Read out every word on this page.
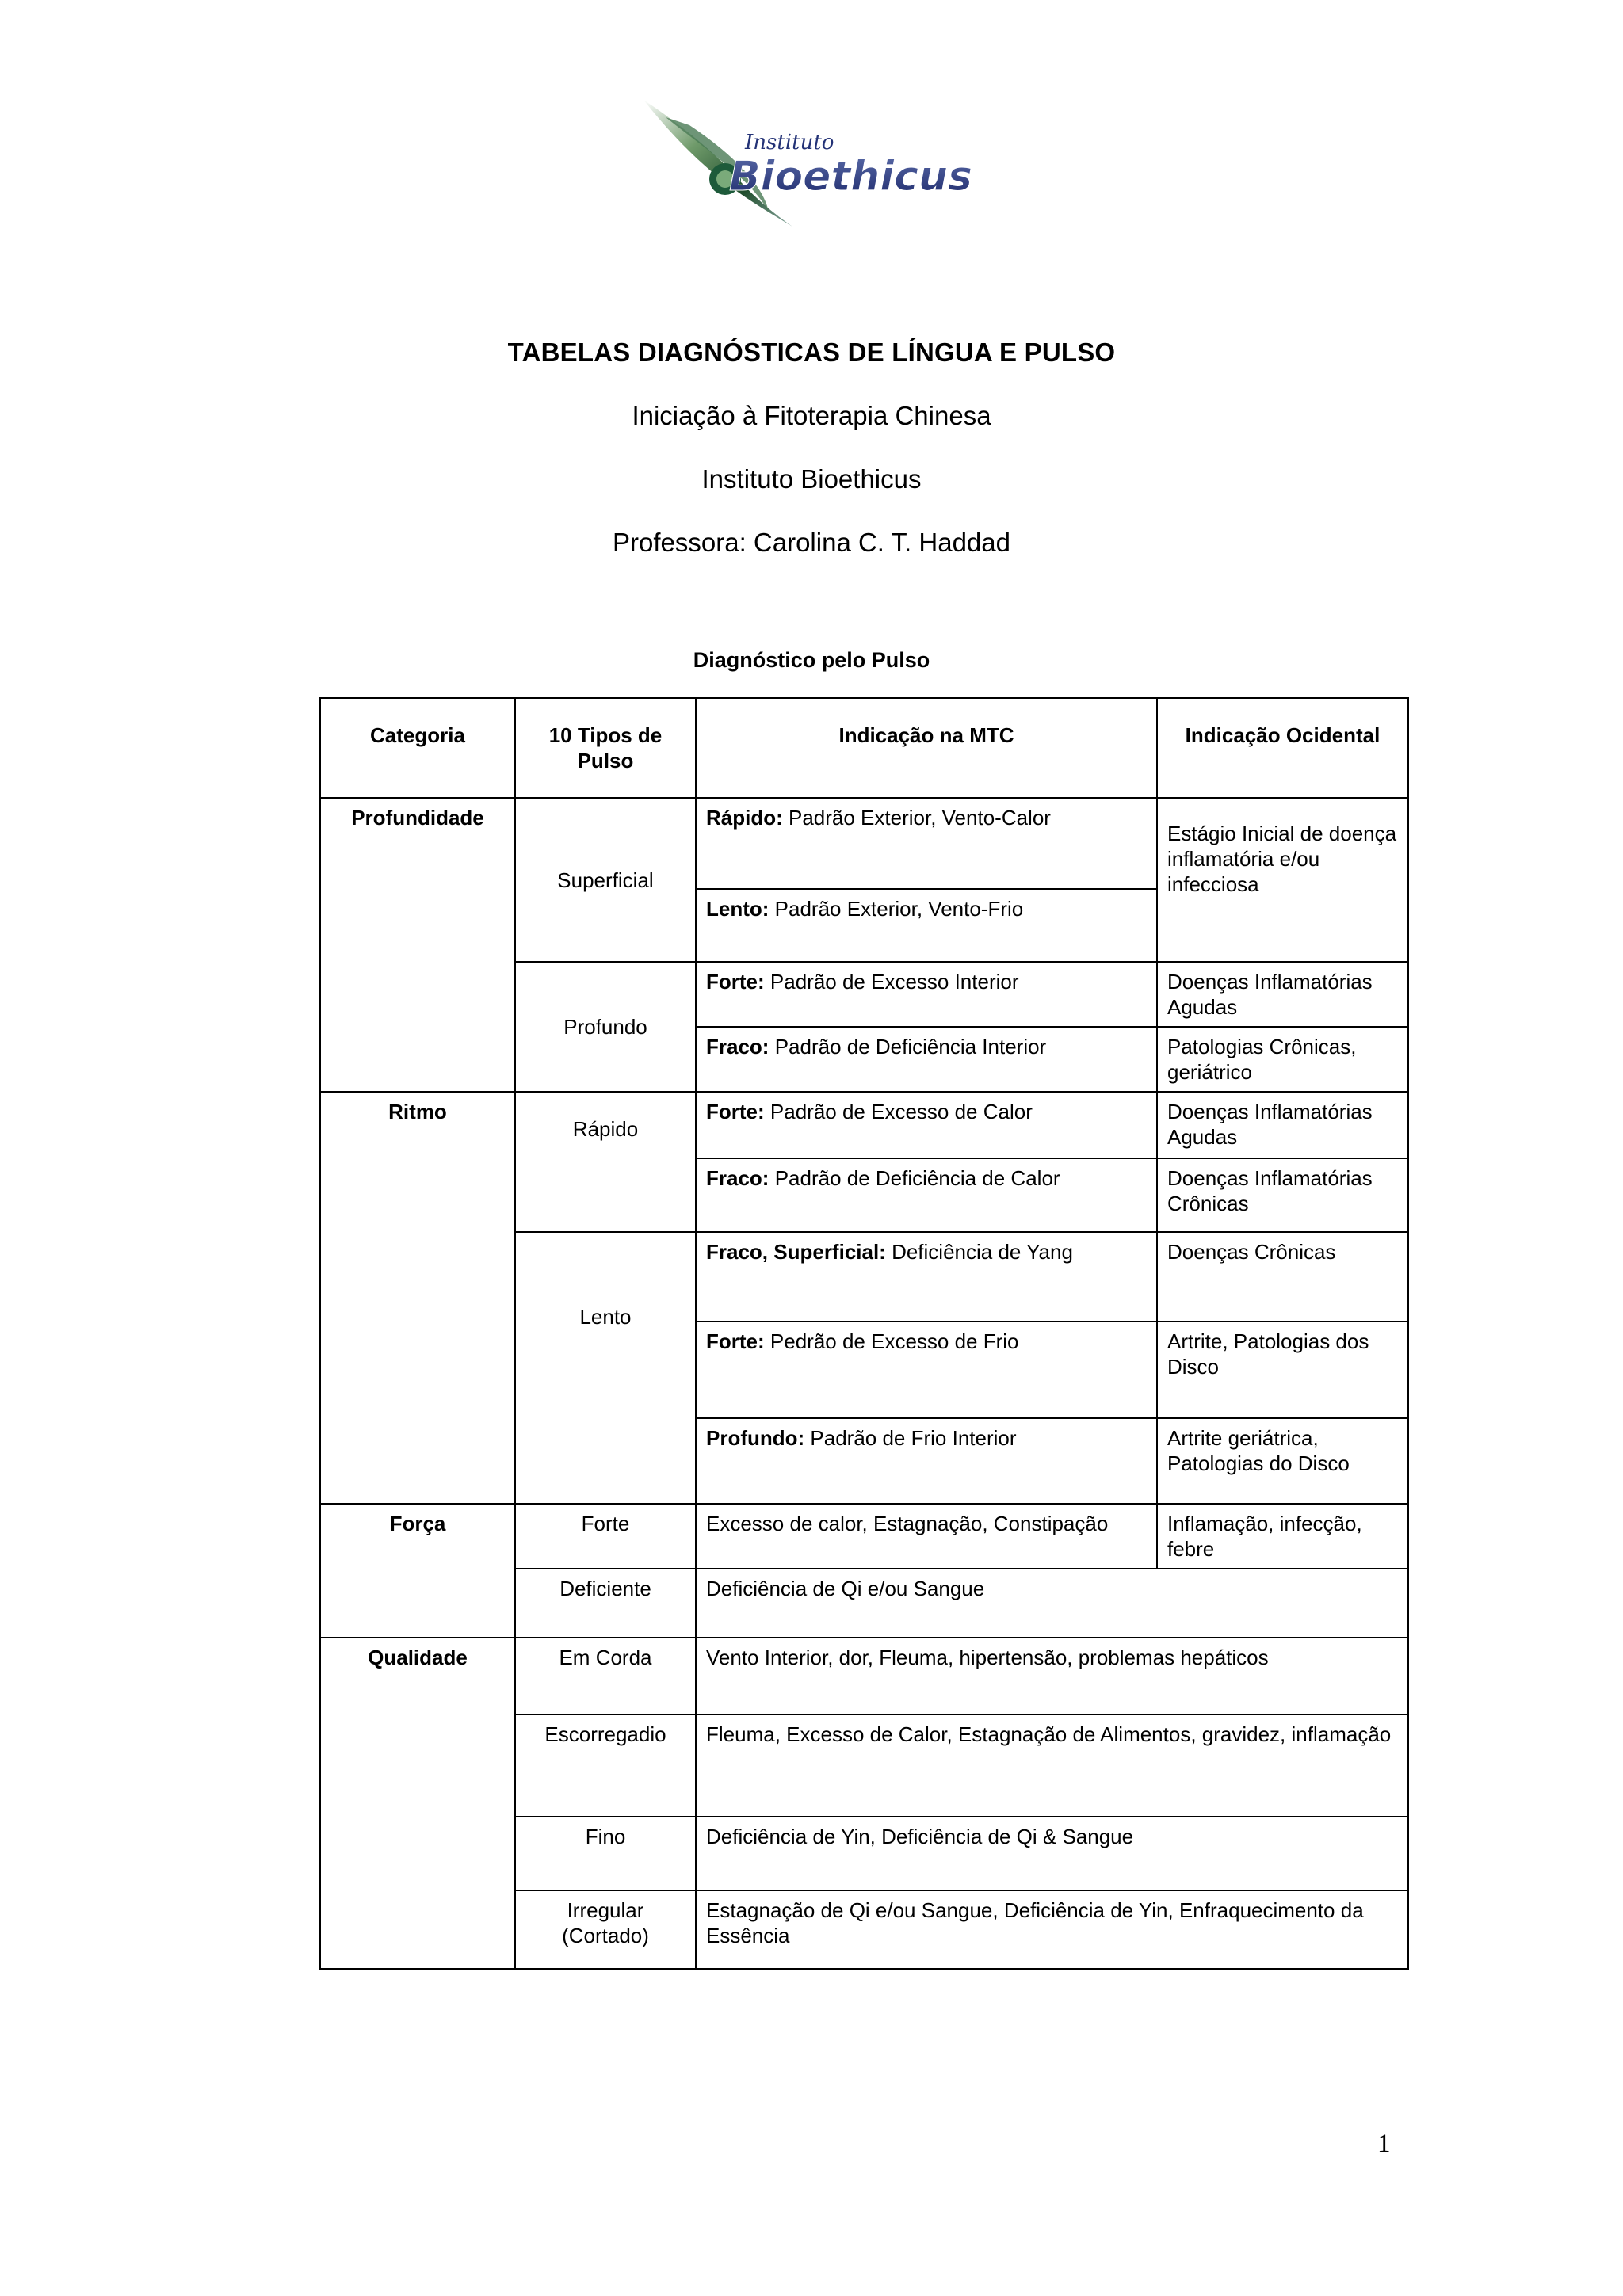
Instituto
Bioethicus
TABELAS DIAGNÓSTICAS DE LÍNGUA E PULSO
Iniciação à Fitoterapia Chinesa
Instituto Bioethicus
Professora: Carolina C. T. Haddad
Diagnóstico pelo Pulso
Categoria	10 Tipos de Pulso	Indicação na MTC	Indicação Ocidental
Profundidade	Superficial	Rápido: Padrão Exterior, Vento-Calor	Estágio Inicial de doença inflamatória e/ou infecciosa
		Lento: Padrão Exterior, Vento-Frio	
	Profundo	Forte: Padrão de Excesso Interior	Doenças Inflamatórias Agudas
		Fraco: Padrão de Deficiência Interior	Patologias Crônicas, geriátrico
Ritmo	Rápido	Forte: Padrão de Excesso de Calor	Doenças Inflamatórias Agudas
		Fraco: Padrão de Deficiência de Calor	Doenças Inflamatórias Crônicas
	Lento	Fraco, Superficial: Deficiência de Yang	Doenças Crônicas
		Forte: Pedrão de Excesso de Frio	Artrite, Patologias dos Disco
		Profundo: Padrão de Frio Interior	Artrite geriátrica, Patologias do Disco
Força	Forte	Excesso de calor, Estagnação, Constipação	Inflamação, infecção, febre
	Deficiente	Deficiência de Qi e/ou Sangue	
Qualidade	Em Corda	Vento Interior, dor, Fleuma, hipertensão, problemas hepáticos	
	Escorregadio	Fleuma, Excesso de Calor, Estagnação de Alimentos, gravidez, inflamação	
	Fino	Deficiência de Yin, Deficiência de Qi & Sangue	
	Irregular (Cortado)	Estagnação de Qi e/ou Sangue, Deficiência de Yin, Enfraquecimento da Essência	
1
